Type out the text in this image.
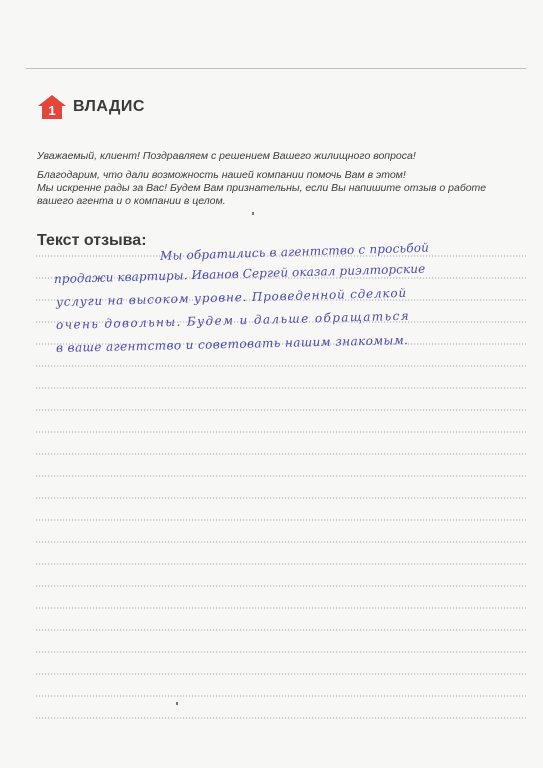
1 ВЛАДИС

Уважаемый, клиент! Поздравляем с решением Вашего жилищного вопроса!

Благодарим, что дали возможность нашей компании помочь Вам в этом!

Мы искренне рады за Вас! Будем Вам признательны, если Вы напишите отзыв о работе

вашего агента и о компании в целом.

Текст отзыва:
Мы обратились в агентство с просьбой
продажи квартиры. Иванов Сергей оказал риэлторские
услуги на высоком уровне. Проведенной сделкой
очень довольны. Будем и дальше обращаться
в ваше агентство и советовать нашим знакомым.
